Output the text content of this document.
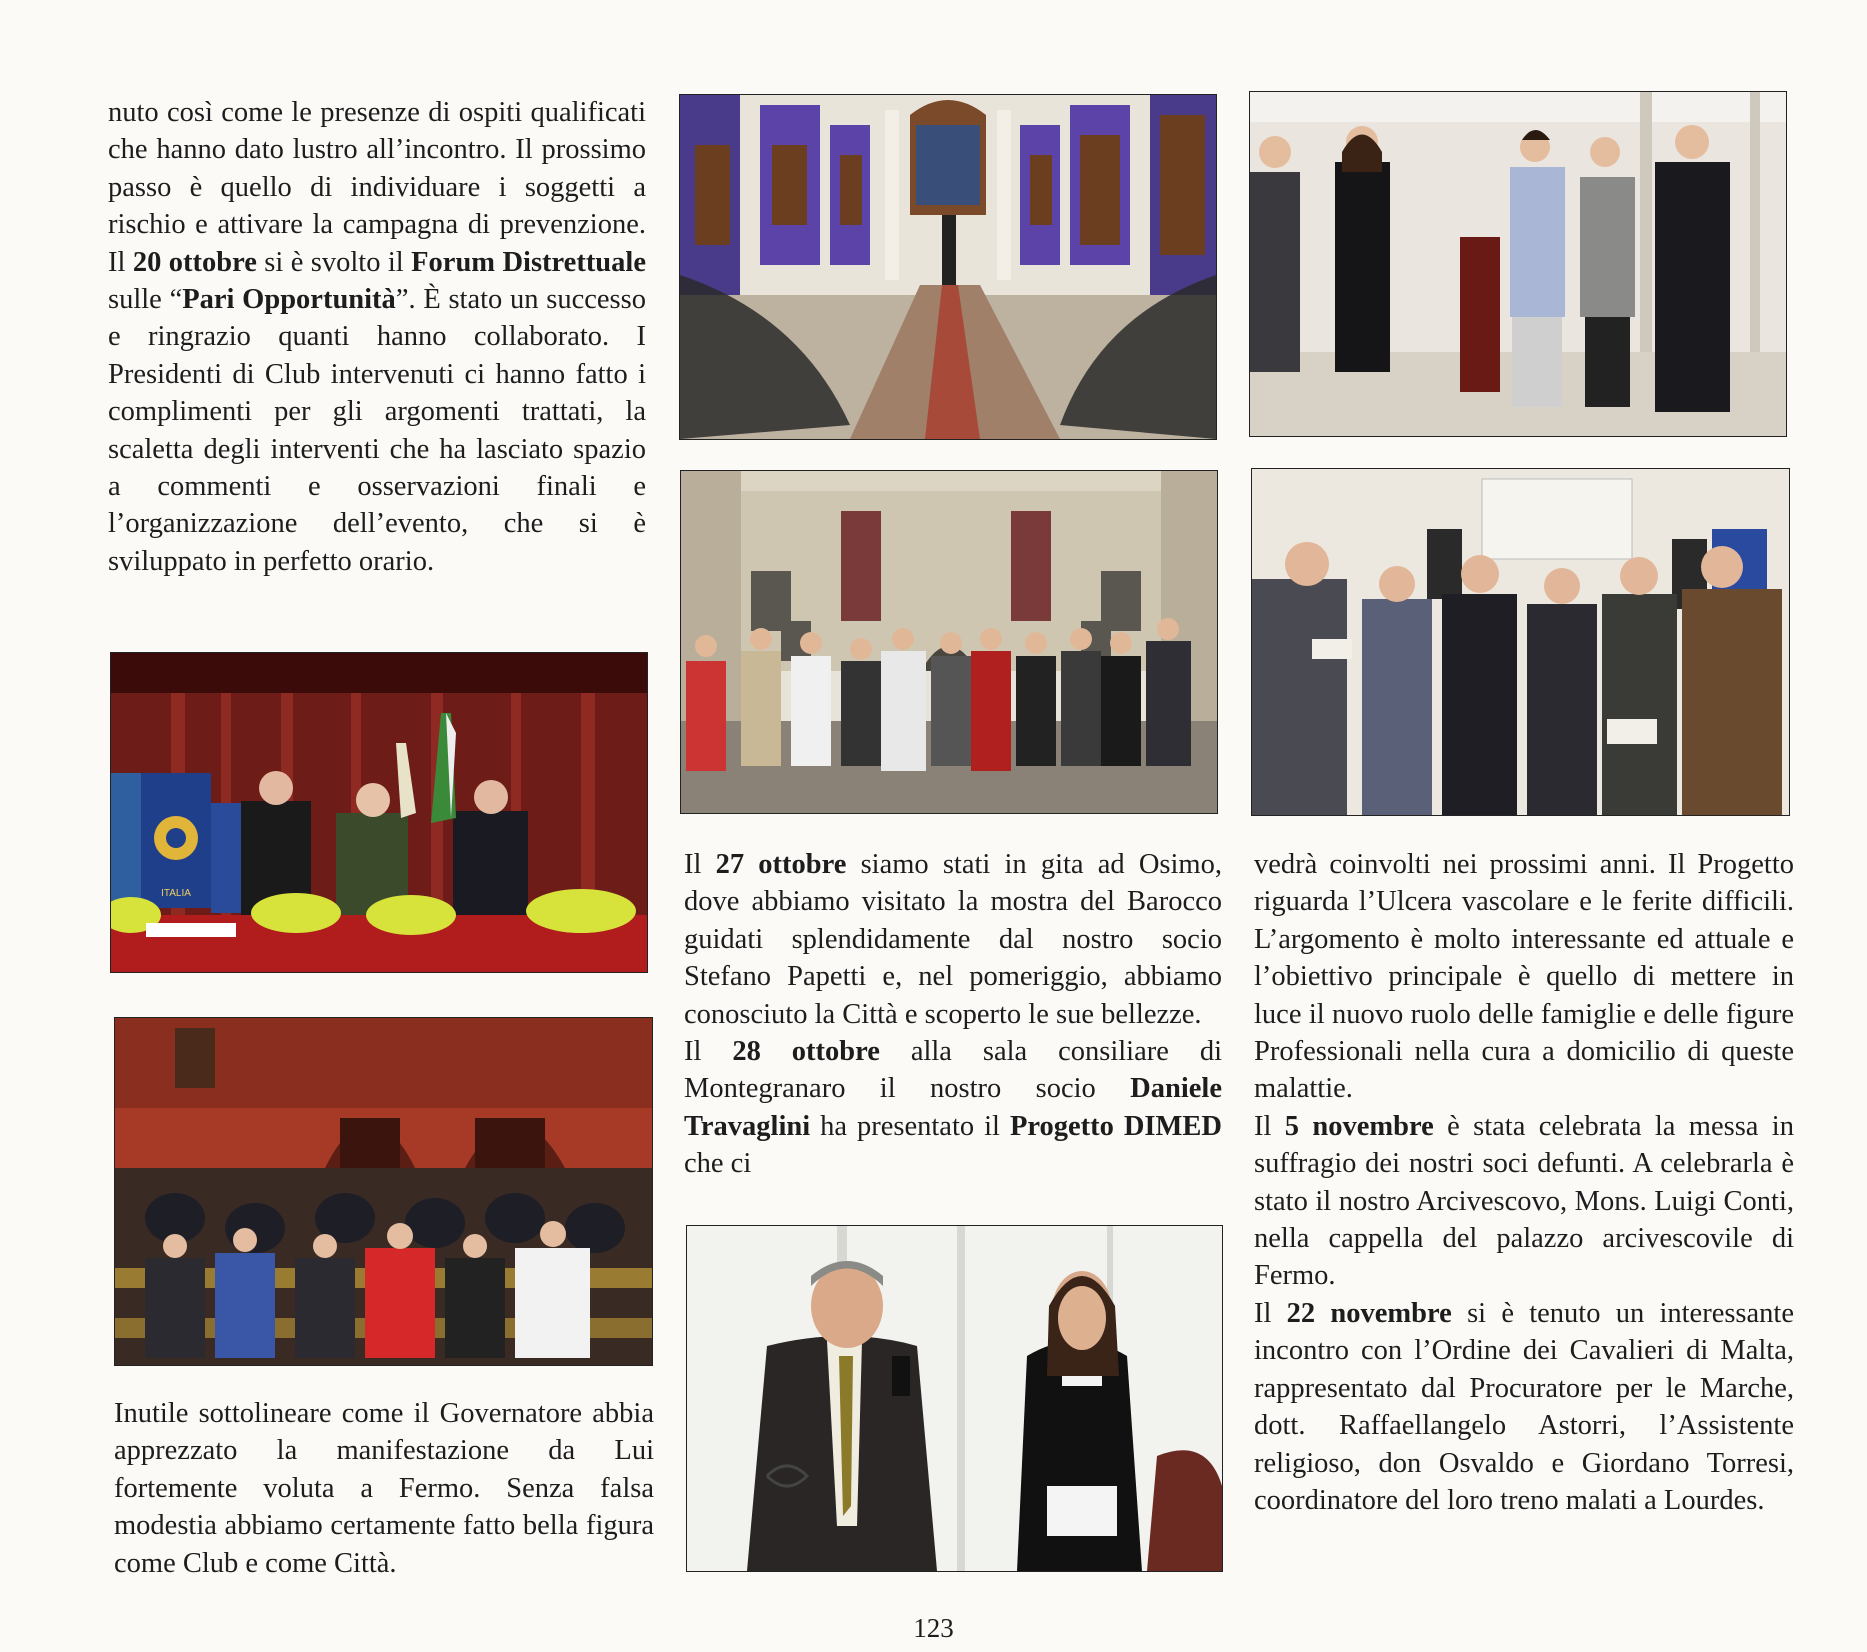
nuto così come le presenze di ospiti qualificati che hanno dato lustro all’incontro. Il prossimo passo è quello di individuare i soggetti a rischio e attivare la campagna di prevenzione. Il 20 ottobre si è svolto il Forum Distrettuale sulle “Pari Opportunità”. È stato un successo e ringrazio quanti hanno collaborato. I Presidenti di Club intervenuti ci hanno fatto i complimenti per gli argomenti trattati, la scaletta degli interventi che ha lasciato spazio a commenti e osservazioni finali e l’organizzazione dell’evento, che si è sviluppato in perfetto orario.

ITALIA

Inutile sottolineare come il Governatore abbia apprezzato la manifestazione da Lui fortemente voluta a Fermo. Senza falsa modestia abbiamo certamente fatto bella figura come Club e come Città.

Il 27 ottobre siamo stati in gita ad Osimo, dove abbiamo visitato la mostra del Barocco guidati splendidamente dal nostro socio Stefano Papetti e, nel pomeriggio, abbiamo conosciuto la Città e scoperto le sue bellezze.

Il 28 ottobre alla sala consiliare di Montegranaro il nostro socio Daniele Travaglini ha presentato il Progetto DIMED che ci

vedrà coinvolti nei prossimi anni. Il Progetto riguarda l’Ulcera vascolare e le ferite difficili. L’argomento è molto interessante ed attuale e l’obiettivo principale è quello di mettere in luce il nuovo ruolo delle famiglie e delle figure Professionali nella cura a domicilio di queste malattie.

Il 5 novembre è stata celebrata la messa in suffragio dei nostri soci defunti. A celebrarla è stato il nostro Arcivescovo, Mons. Luigi Conti, nella cappella del palazzo arcivescovile di Fermo.

Il 22 novembre si è tenuto un interessante incontro con l’Ordine dei Cavalieri di Malta, rappresentato dal Procuratore per le Marche, dott. Raffaellangelo Astorri, l’Assistente religioso, don Osvaldo e Giordano Torresi, coordinatore del loro treno malati a Lourdes.

123
